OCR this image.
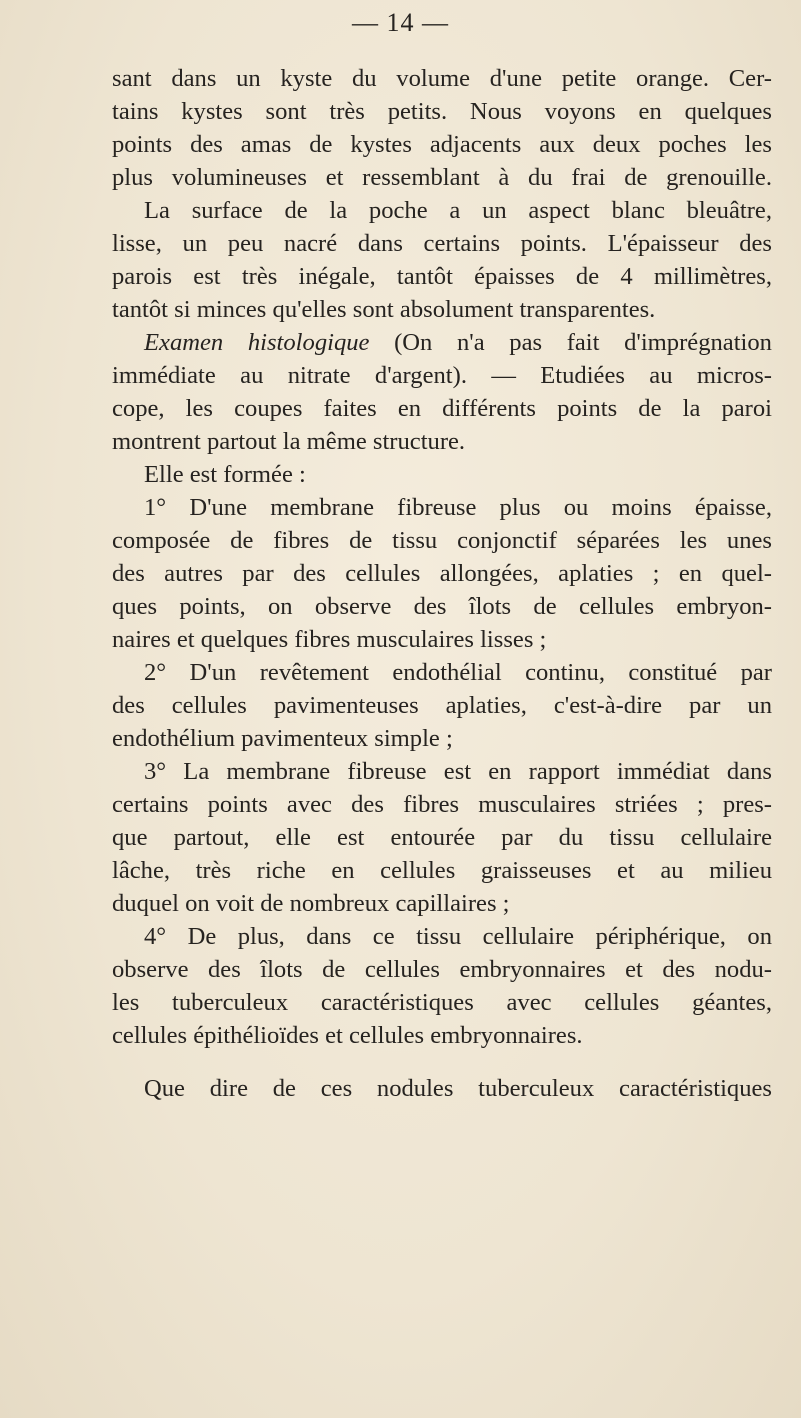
— 14 —

sant dans un kyste du volume d'une petite orange. Cer-
tains kystes sont très petits. Nous voyons en quelques
points des amas de kystes adjacents aux deux poches les
plus volumineuses et ressemblant à du frai de grenouille.
La surface de la poche a un aspect blanc bleuâtre,
lisse, un peu nacré dans certains points. L'épaisseur des
parois est très inégale, tantôt épaisses de 4 millimètres,
tantôt si minces qu'elles sont absolument transparentes.
Examen histologique (On n'a pas fait d'imprégnation
immédiate au nitrate d'argent). — Etudiées au micros-
cope, les coupes faites en différents points de la paroi
montrent partout la même structure.
Elle est formée :
1° D'une membrane fibreuse plus ou moins épaisse,
composée de fibres de tissu conjonctif séparées les unes
des autres par des cellules allongées, aplaties ; en quel-
ques points, on observe des îlots de cellules embryon-
naires et quelques fibres musculaires lisses ;
2° D'un revêtement endothélial continu, constitué par
des cellules pavimenteuses aplaties, c'est-à-dire par un
endothélium pavimenteux simple ;
3° La membrane fibreuse est en rapport immédiat dans
certains points avec des fibres musculaires striées ; pres-
que partout, elle est entourée par du tissu cellulaire
lâche, très riche en cellules graisseuses et au milieu
duquel on voit de nombreux capillaires ;
4° De plus, dans ce tissu cellulaire périphérique, on
observe des îlots de cellules embryonnaires et des nodu-
les tuberculeux caractéristiques avec cellules géantes,
cellules épithélioïdes et cellules embryonnaires.
Que dire de ces nodules tuberculeux caractéristiques
